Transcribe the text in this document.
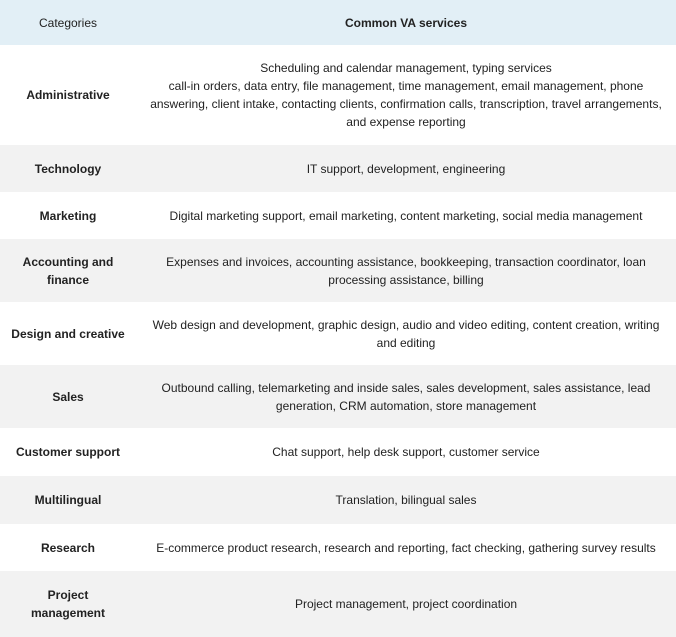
Categories	Common VA services
Administrative	Scheduling and calendar management, typing services
call-in orders, data entry, file management, time management, email management, phone answering, client intake, contacting clients, confirmation calls, transcription, travel arrangements, and expense reporting
Technology	IT support, development, engineering
Marketing	Digital marketing support, email marketing, content marketing, social media management
Accounting and finance	Expenses and invoices, accounting assistance, bookkeeping, transaction coordinator, loan processing assistance, billing
Design and creative	Web design and development, graphic design, audio and video editing, content creation, writing and editing
Sales	Outbound calling, telemarketing and inside sales, sales development, sales assistance, lead generation, CRM automation, store management
Customer support	Chat support, help desk support, customer service
Multilingual	Translation, bilingual sales
Research	E-commerce product research, research and reporting, fact checking, gathering survey results
Project management	Project management, project coordination
